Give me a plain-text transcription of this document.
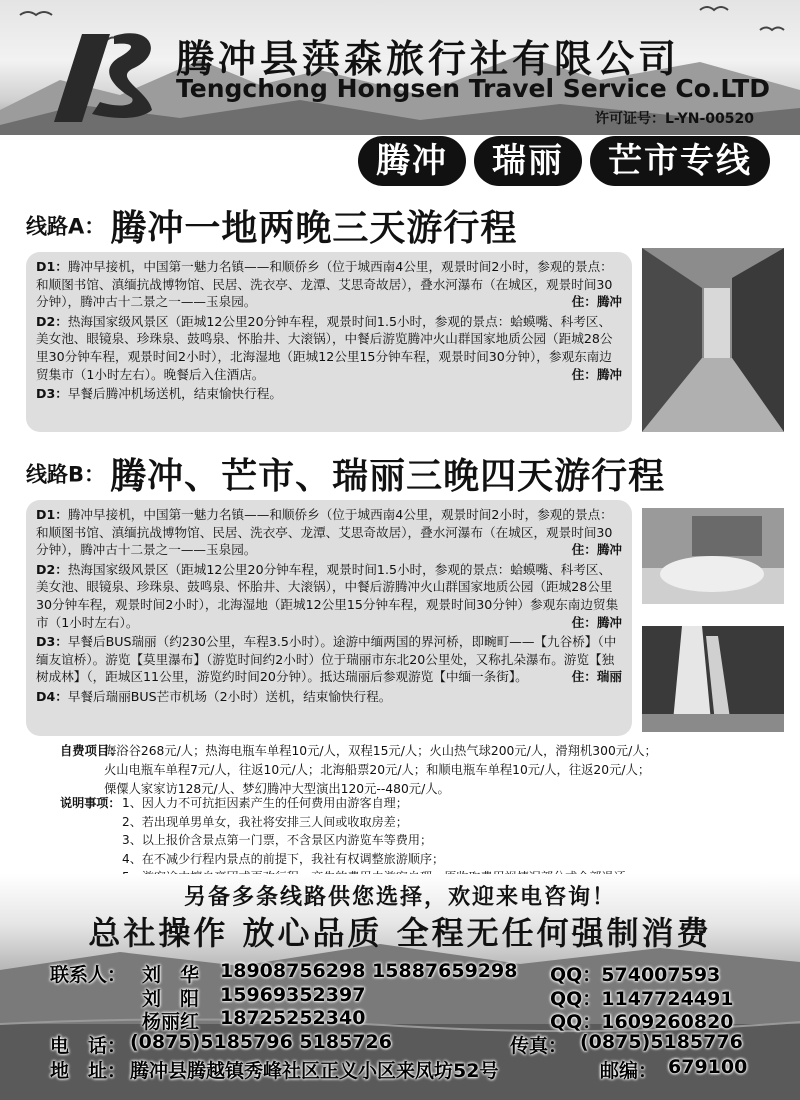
腾冲县葓森旅行社有限公司
Tengchong Hongsen Travel Service Co.LTD
许可证号：L-YN-00520
腾冲	瑞丽	芒市专线
线路A： 腾冲一地两晚三天游行程

D1：腾冲早接机，中国第一魅力名镇——和顺侨乡（位于城西南4公里，观景时间2小时，参观的景点：和顺图书馆、滇缅抗战博物馆、民居、洗衣亭、龙潭、艾思奇故居），叠水河瀑布（在城区，观景时间30分钟），腾冲古十二景之一——玉泉园。	住：腾冲

D2：热海国家级风景区（距城12公里20分钟车程，观景时间1.5小时，参观的景点：蛤蟆嘴、科考区、美女池、眼镜泉、珍珠泉、鼓鸣泉、怀胎井、大滚锅），中餐后游览腾冲火山群国家地质公园（距城28公里30分钟车程，观景时间2小时），北海湿地（距城12公里15分钟车程，观景时间30分钟），参观东南边贸集市（1小时左右）。晚餐后入住酒店。	住：腾冲

D3：早餐后腾冲机场送机，结束愉快行程。

线路B： 腾冲、芒市、瑞丽三晚四天游行程

D1：腾冲早接机，中国第一魅力名镇——和顺侨乡（位于城西南4公里，观景时间2小时，参观的景点：和顺图书馆、滇缅抗战博物馆、民居、洗衣亭、龙潭、艾思奇故居），叠水河瀑布（在城区，观景时间30分钟），腾冲古十二景之一——玉泉园。	住：腾冲

D2：热海国家级风景区（距城12公里20分钟车程，观景时间1.5小时，参观的景点：蛤蟆嘴、科考区、美女池、眼镜泉、珍珠泉、鼓鸣泉、怀胎井、大滚锅），中餐后游腾冲火山群国家地质公园（距城28公里30分钟车程，观景时间2小时），北海湿地（距城12公里15分钟车程，观景时间30分钟）参观东南边贸集市（1小时左右）。	住：腾冲

D3：早餐后BUS瑞丽（约230公里，车程3.5小时）。途游中缅两国的界河桥，即畹町——【九谷桥】（中缅友谊桥）。游览【莫里瀑布】（游览时间约2小时）位于瑞丽市东北20公里处，又称扎朵瀑布。游览【独树成林】（，距城区11公里，游览约时间20分钟）。抵达瑞丽后参观游览【中缅一条街】。	住：瑞丽

D4：早餐后瑞丽BUS芒市机场（2小时）送机，结束愉快行程。

自费项目：
海浴谷268元/人；热海电瓶车单程10元/人，双程15元/人；火山热气球200元/人，滑翔机300元/人；
火山电瓶车单程7元/人，往返10元/人；北海船票20元/人；和顺电瓶车单程10元/人，往返20元/人；
傈僳人家家访128元/人、梦幻腾冲大型演出120元--480元/人。
说明事项： 1、因人力不可抗拒因素产生的任何费用由游客自理；
2、若出现单男单女，我社将安排三人间或收取房差；
3、以上报价含景点第一门票，不含景区内游览车等费用；
4、在不减少行程内景点的前提下，我社有权调整旅游顺序；
另备多条线路供您选择，欢迎来电咨询！
总社操作 放心品质 全程无任何强制消费
联系人： 刘　华 18908756298 15887659298 QQ：574007593
刘　阳 15969352397	QQ：1147724491
杨丽红 18725252340	QQ：1609260820
电　话： (0875)5185796 5185726	传真： (0875)5185776
地　址： 腾冲县腾越镇秀峰社区正义小区来凤坊52号	邮编： 679100
